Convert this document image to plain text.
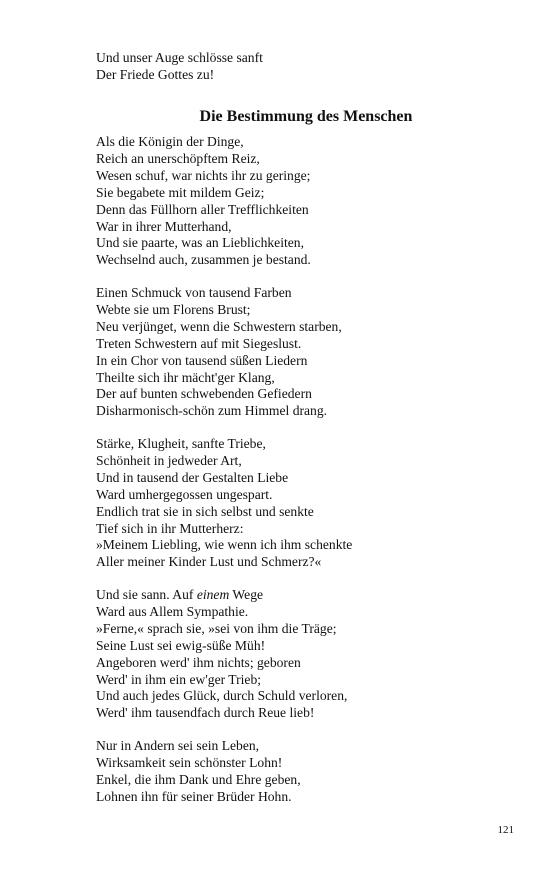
Und unser Auge schlösse sanft
Der Friede Gottes zu!
Die Bestimmung des Menschen
Als die Königin der Dinge,
Reich an unerschöpftem Reiz,
Wesen schuf, war nichts ihr zu geringe;
Sie begabete mit mildem Geiz;
Denn das Füllhorn aller Trefflichkeiten
War in ihrer Mutterhand,
Und sie paarte, was an Lieblichkeiten,
Wechselnd auch, zusammen je bestand.
Einen Schmuck von tausend Farben
Webte sie um Florens Brust;
Neu verjünget, wenn die Schwestern starben,
Treten Schwestern auf mit Siegeslust.
In ein Chor von tausend süßen Liedern
Theilte sich ihr mächt'ger Klang,
Der auf bunten schwebenden Gefiedern
Disharmonisch-schön zum Himmel drang.
Stärke, Klugheit, sanfte Triebe,
Schönheit in jedweder Art,
Und in tausend der Gestalten Liebe
Ward umhergegossen ungespart.
Endlich trat sie in sich selbst und senkte
Tief sich in ihr Mutterherz:
»Meinem Liebling, wie wenn ich ihm schenkte
Aller meiner Kinder Lust und Schmerz?«
Und sie sann. Auf einem Wege
Ward aus Allem Sympathie.
»Ferne,« sprach sie, »sei von ihm die Träge;
Seine Lust sei ewig-süße Müh!
Angeboren werd' ihm nichts; geboren
Werd' in ihm ein ew'ger Trieb;
Und auch jedes Glück, durch Schuld verloren,
Werd' ihm tausendfach durch Reue lieb!
Nur in Andern sei sein Leben,
Wirksamkeit sein schönster Lohn!
Enkel, die ihm Dank und Ehre geben,
Lohnen ihn für seiner Brüder Hohn.
121
